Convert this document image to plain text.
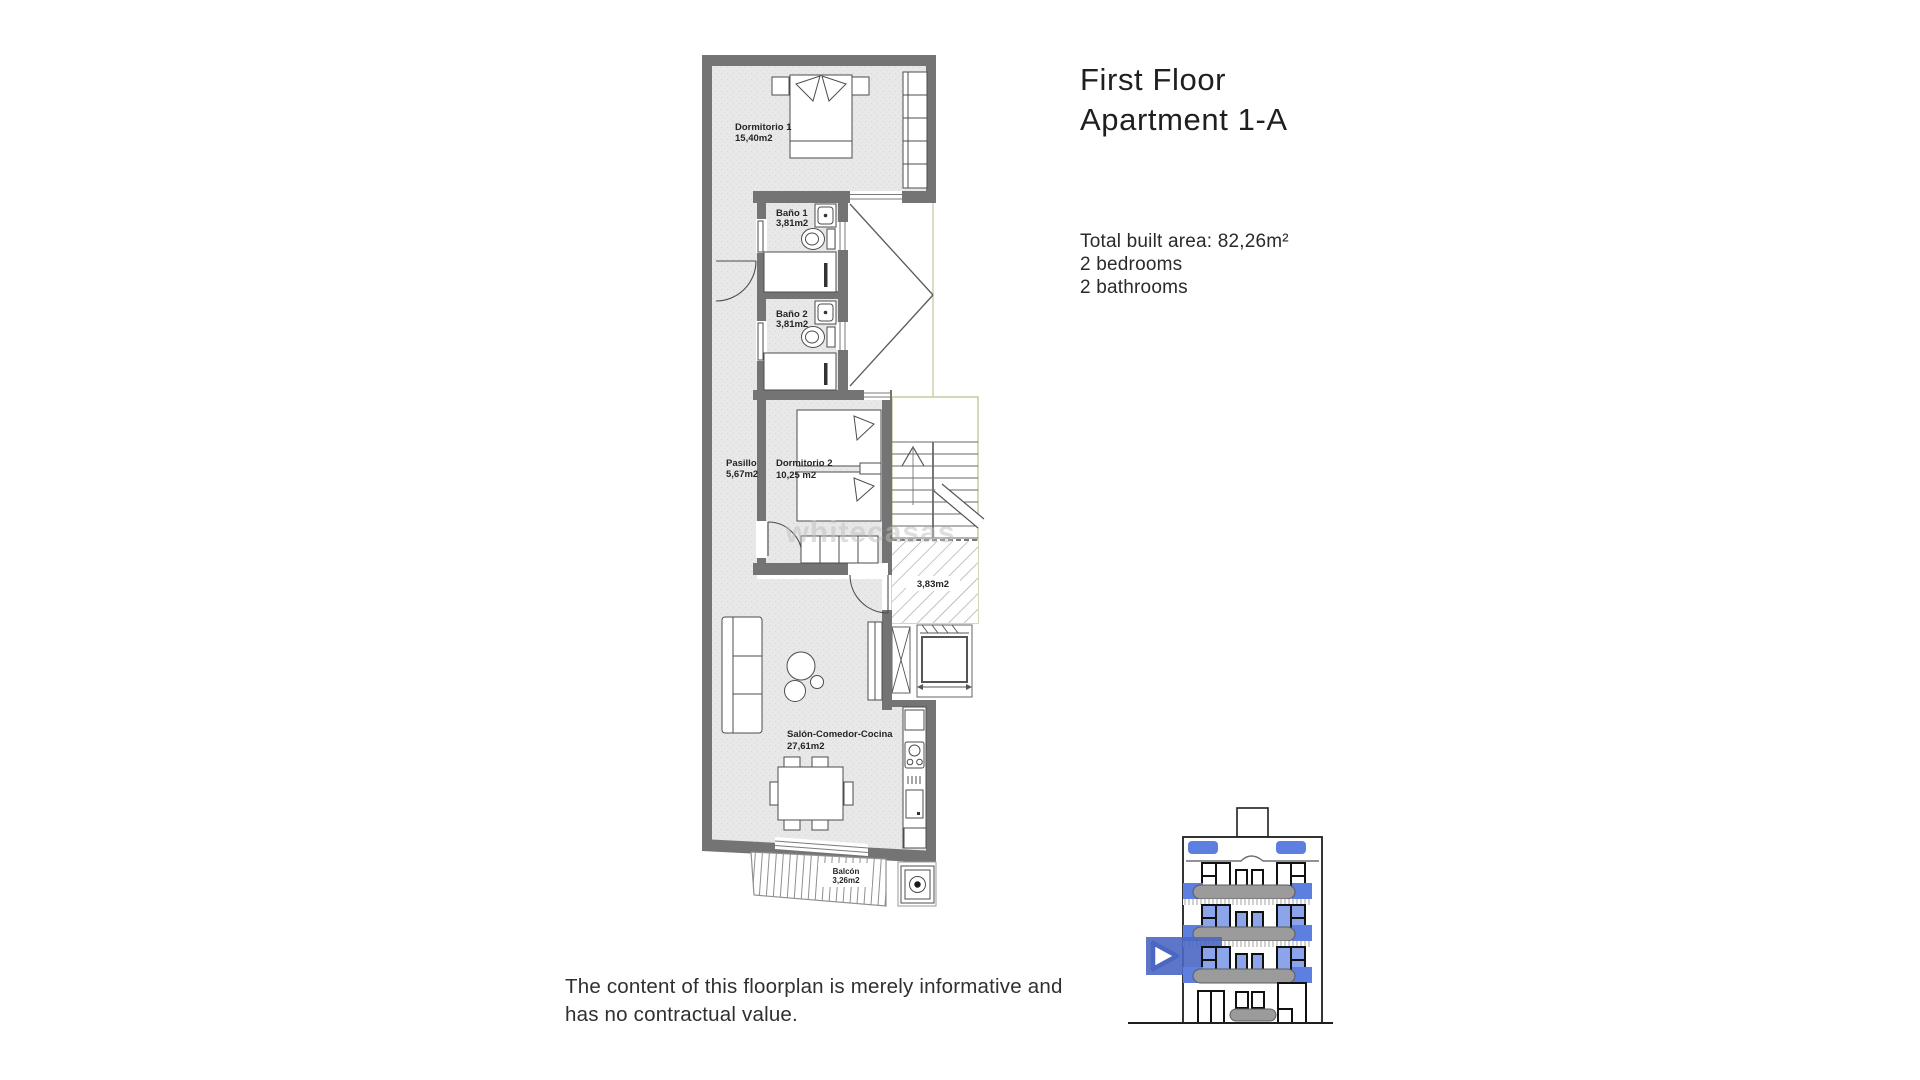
Dormitorio 1
15,40m2
Baño 1
3,81m2
Baño 2
3,81m2
Pasillo
5,67m2
Dormitorio 2
10,25 m2
3,83m2
Salón-Comedor-Cocina
27,61m2
Balcón
3,26m2
whitecasas
First Floor
Apartment 1-A
Total built area: 82,26m²
2 bedrooms
2 bathrooms
The content of this floorplan is merely informative and
has no contractual value.
